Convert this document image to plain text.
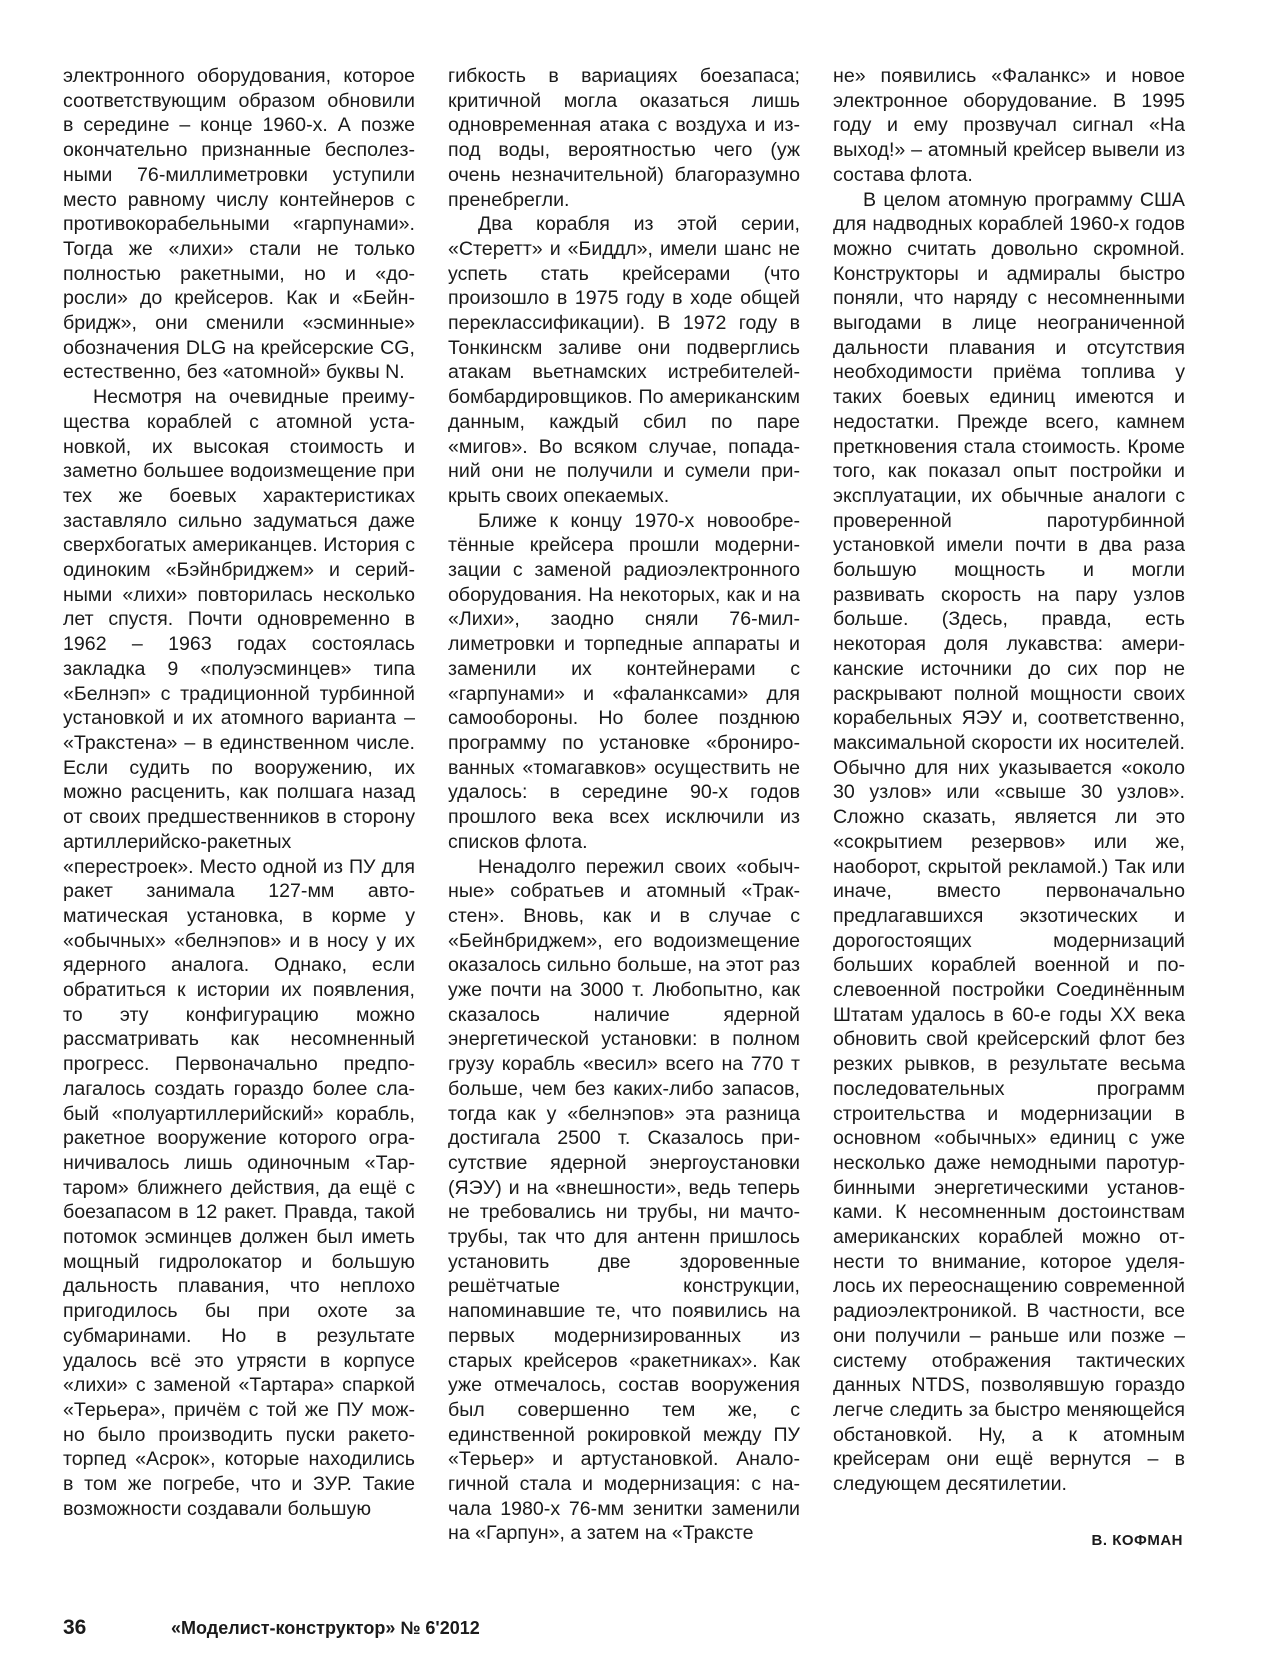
электронного оборудования, которое соответствующим образом обновили в середине – конце 1960-х. А позже окончательно признанные бесполезными 76-миллиметровки уступили место равному числу контейнеров с противокорабельными «гарпунами». Тогда же «лихи» стали не только полностью ракетными, но и «доросли» до крейсеров. Как и «Бейнбридж», они сменили «эсминные» обозначения DLG на крейсерские CG, естественно, без «атомной» буквы N.

Несмотря на очевидные преимущества кораблей с атомной установкой, их высокая стоимость и заметно большее водоизмещение при тех же боевых характеристиках заставляло сильно задуматься даже сверхбогатых американцев. История с одиноким «Бэйнбриджем» и серийными «лихи» повторилась несколько лет спустя. Почти одновременно в 1962 – 1963 годах состоялась закладка 9 «полуэсминцев» типа «Белнэп» с традиционной турбинной установкой и их атомного варианта – «Тракстена» – в единственном числе. Если судить по вооружению, их можно расценить, как полшага назад от своих предшественников в сторону артиллерийско-ракетных «перестроек». Место одной из ПУ для ракет занимала 127-мм автоматическая установка, в корме у «обычных» «белнэпов» и в носу у их ядерного аналога. Однако, если обратиться к истории их появления, то эту конфигурацию можно рассматривать как несомненный прогресс. Первоначально предполагалось создать гораздо более слабый «полуартиллерийский» корабль, ракетное вооружение которого ограничивалось лишь одиночным «Тартаром» ближнего действия, да ещё с боезапасом в 12 ракет. Правда, такой потомок эсминцев должен был иметь мощный гидролокатор и большую дальность плавания, что неплохо пригодилось бы при охоте за субмаринами. Но в результате удалось всё это утрясти в корпусе «лихи» с заменой «Тартара» спаркой «Терьера», причём с той же ПУ можно было производить пуски ракетоторпед «Асрок», которые находились в том же погребе, что и ЗУР. Такие возможности создавали большую

гибкость в вариациях боезапаса; критичной могла оказаться лишь одновременная атака с воздуха и из-под воды, вероятностью чего (уж очень незначительной) благоразумно пренебрегли.

Два корабля из этой серии, «Стеретт» и «Биддл», имели шанс не успеть стать крейсерами (что произошло в 1975 году в ходе общей переклассификации). В 1972 году в Тонкинскм заливе они подверглись атакам вьетнамских истребителей-бомбардировщиков. По американским данным, каждый сбил по паре «мигов». Во всяком случае, попаданий они не получили и сумели прикрыть своих опекаемых.

Ближе к концу 1970-х новообретённые крейсера прошли модернизации с заменой радиоэлектронного оборудования. На некоторых, как и на «Лихи», заодно сняли 76-миллиметровки и торпедные аппараты и заменили их контейнерами с «гарпунами» и «фаланксами» для самообороны. Но более позднюю программу по установке «бронированных «томагавков» осуществить не удалось: в середине 90-х годов прошлого века всех исключили из списков флота.

Ненадолго пережил своих «обычные» собратьев и атомный «Тракстен». Вновь, как и в случае с «Бейнбриджем», его водоизмещение оказалось сильно больше, на этот раз уже почти на 3000 т. Любопытно, как сказалось наличие ядерной энергетической установки: в полном грузу корабль «весил» всего на 770 т больше, чем без каких-либо запасов, тогда как у «белнэпов» эта разница достигала 2500 т. Сказалось присутствие ядерной энергоустановки (ЯЭУ) и на «внешности», ведь теперь не требовались ни трубы, ни мачто-трубы, так что для антенн пришлось установить две здоровенные решётчатые конструкции, напоминавшие те, что появились на первых модернизированных из старых крейсеров «ракетниках». Как уже отмечалось, состав вооружения был совершенно тем же, с единственной рокировкой между ПУ «Терьер» и артустановкой. Аналогичной стала и модернизация: с начала 1980-х 76-мм зенитки заменили на «Гарпун», а затем на «Тракcте

не» появились «Фаланкс» и новое электронное оборудование. В 1995 году и ему прозвучал сигнал «На выход!» – атомный крейсер вывели из состава флота.

В целом атомную программу США для надводных кораблей 1960-х годов можно считать довольно скромной. Конструкторы и адмиралы быстро поняли, что наряду с несомненными выгодами в лице неограниченной дальности плавания и отсутствия необходимости приёма топлива у таких боевых единиц имеются и недостатки. Прежде всего, камнем преткновения стала стоимость. Кроме того, как показал опыт постройки и эксплуатации, их обычные аналоги с проверенной паротурбинной установкой имели почти в два раза большую мощность и могли развивать скорость на пару узлов больше. (Здесь, правда, есть некоторая доля лукавства: американские источники до сих пор не раскрывают полной мощности своих корабельных ЯЭУ и, соответственно, максимальной скорости их носителей. Обычно для них указывается «около 30 узлов» или «свыше 30 узлов». Сложно сказать, является ли это «сокрытием резервов» или же, наоборот, скрытой рекламой.) Так или иначе, вместо первоначально предлагавшихся экзотических и дорогостоящих модернизаций больших кораблей военной и послевоенной постройки Соединённым Штатам удалось в 60-е годы XX века обновить свой крейсерский флот без резких рывков, в результате весьма последовательных программ строительства и модернизации в основном «обычных» единиц с уже несколько даже немодными паротурбинными энергетическими установками. К несомненным достоинствам американских кораблей можно отнести то внимание, которое уделялось их переоснащению современной радиоэлектроникой. В частности, все они получили – раньше или позже – систему отображения тактических данных NTDS, позволявшую гораздо легче следить за быстро меняющейся обстановкой. Ну, а к атомным крейсерам они ещё вернутся – в следующем десятилетии.

В. КОФМАН
36	«Моделист-конструктор» № 6'2012
